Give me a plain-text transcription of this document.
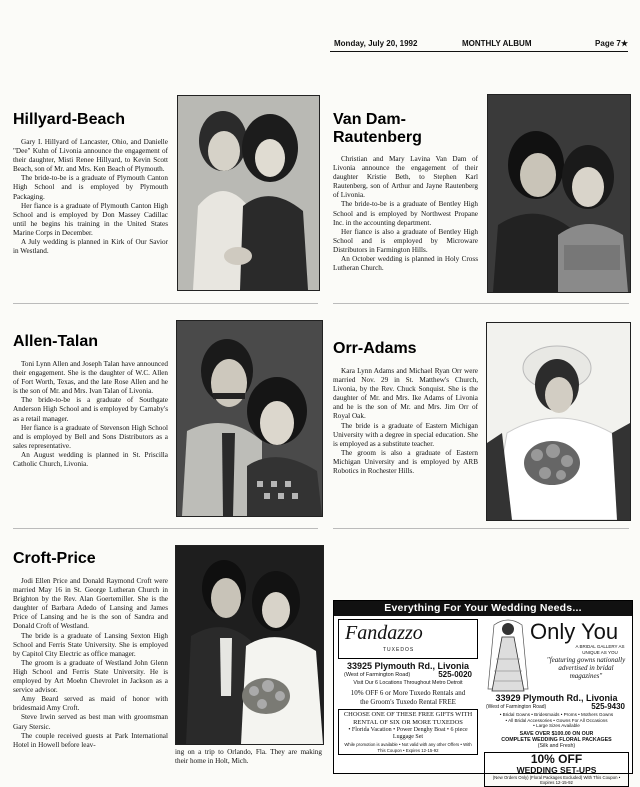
Monday, July 20, 1992	MONTHLY ALBUM	Page 7★
Hillyard-Beach

Gary I. Hillyard of Lancaster, Ohio, and Danielle "Dee" Kuhn of Livonia announce the engagement of their daughter, Misti Renee Hillyard, to Kevin Scott Beach, son of Mr. and Mrs. Ken Beach of Plymouth.

The bride-to-be is a graduate of Plymouth Canton High School and is employed by Plymouth Packaging.

Her fiance is a graduate of Plymouth Canton High School and is employed by Don Massey Cadillac until he begins his training in the United States Marine Corps in December.

A July wedding is planned in Kirk of Our Savior in Westland.

Van Dam-
Rautenberg

Christian and Mary Lavina Van Dam of Livonia announce the engagement of their daughter Kristie Beth, to Stephen Karl Rautenberg, son of Arthur and Jayne Rautenberg of Livonia.

The bride-to-be is a graduate of Bentley High School and is employed by Northwest Propane Inc. in the accounting department.

Her fiance is also a graduate of Bentley High School and is employed by Microware Distributors in Farmington Hills.

An October wedding is planned in Holy Cross Lutheran Church.

Allen-Talan

Toni Lynn Allen and Joseph Talan have announced their engagement. She is the daughter of W.C. Allen of Fort Worth, Texas, and the late Rose Allen and he is the son of Mr. and Mrs. Ivan Talan of Livonia.

The bride-to-be is a graduate of Southgate Anderson High School and is employed by Carnaby's as a retail manager.

Her fiance is a graduate of Stevenson High School and is employed by Bell and Sons Distributors as a sales representative.

An August wedding is planned in St. Priscilla Catholic Church, Livonia.

Orr-Adams

Kara Lynn Adams and Michael Ryan Orr were married Nov. 29 in St. Matthew's Church, Livonia, by the Rev. Chuck Sonquist. She is the daughter of Mr. and Mrs. Ike Adams of Livonia and he is the son of Mr. and Mrs. Jim Orr of Royal Oak.

The bride is a graduate of Eastern Michigan University with a degree in special education. She is employed as a substitute teacher.

The groom is also a graduate of Eastern Michigan University and is employed by ARB Robotics in Rochester Hills.

Croft-Price

Jodi Ellen Price and Donald Raymond Croft were married May 16 in St. George Lutheran Church in Brighton by the Rev. Alan Goertemiller. She is the daughter of Barbara Adedo of Lansing and James Price of Lansing and he is the son of Sandra and Donald Croft of Westland.

The bride is a graduate of Lansing Sexton High School and Ferris State University. She is employed by Capitol City Electric as office manager.

The groom is a graduate of Westland John Glenn High School and Ferris State University. He is employed by Art Moehn Chevrolet in Jackson as a service advisor.

Amy Beard served as maid of honor with bridesmaid Amy Croft.

Steve Irwin served as best man with groomsman Gary Stersic.

The couple received guests at Park International Hotel in Howell before leav-

ing on a trip to Orlando, Fla. They are making their home in Holt, Mich.
Everything For Your Wedding Needs...
Fandazzo
TUXEDOS
33925 Plymouth Rd., Livonia
(West of Farmington Road)	525-0020
Visit Our 6 Locations Throughout Metro Detroit
10% OFF 6 or More Tuxedo Rentals and the Groom's Tuxedo Rental FREE
CHOOSE ONE OF THESE FREE GIFTS WITH RENTAL OF SIX OR MORE TUXEDOS
• Florida Vacation • Power Denghy Boat • 6 piece Luggage Set
While promotion is available • Not valid with any other Offers • With This Coupon • Expires 12-15-92
Only You
A BRIDAL GALLERY AS UNIQUE AS YOU
"featuring gowns nationally advertised in bridal magazines"
33929 Plymouth Rd., Livonia
(West of Farmington Road)	525-9430
• Bridal Gowns • Bridesmaids • Proms • Mothers Gowns
• All Bridal Accessories • Gowns For All Occasions
• Large Sizes Available
SAVE OVER $100.00 ON OUR
COMPLETE WEDDING FLORAL PACKAGES
(Silk and Fresh)
10% OFF
WEDDING SET-UPS
(New Orders Only) (Floral Packages Excluded) With This Coupon • Expires 12-15-92
